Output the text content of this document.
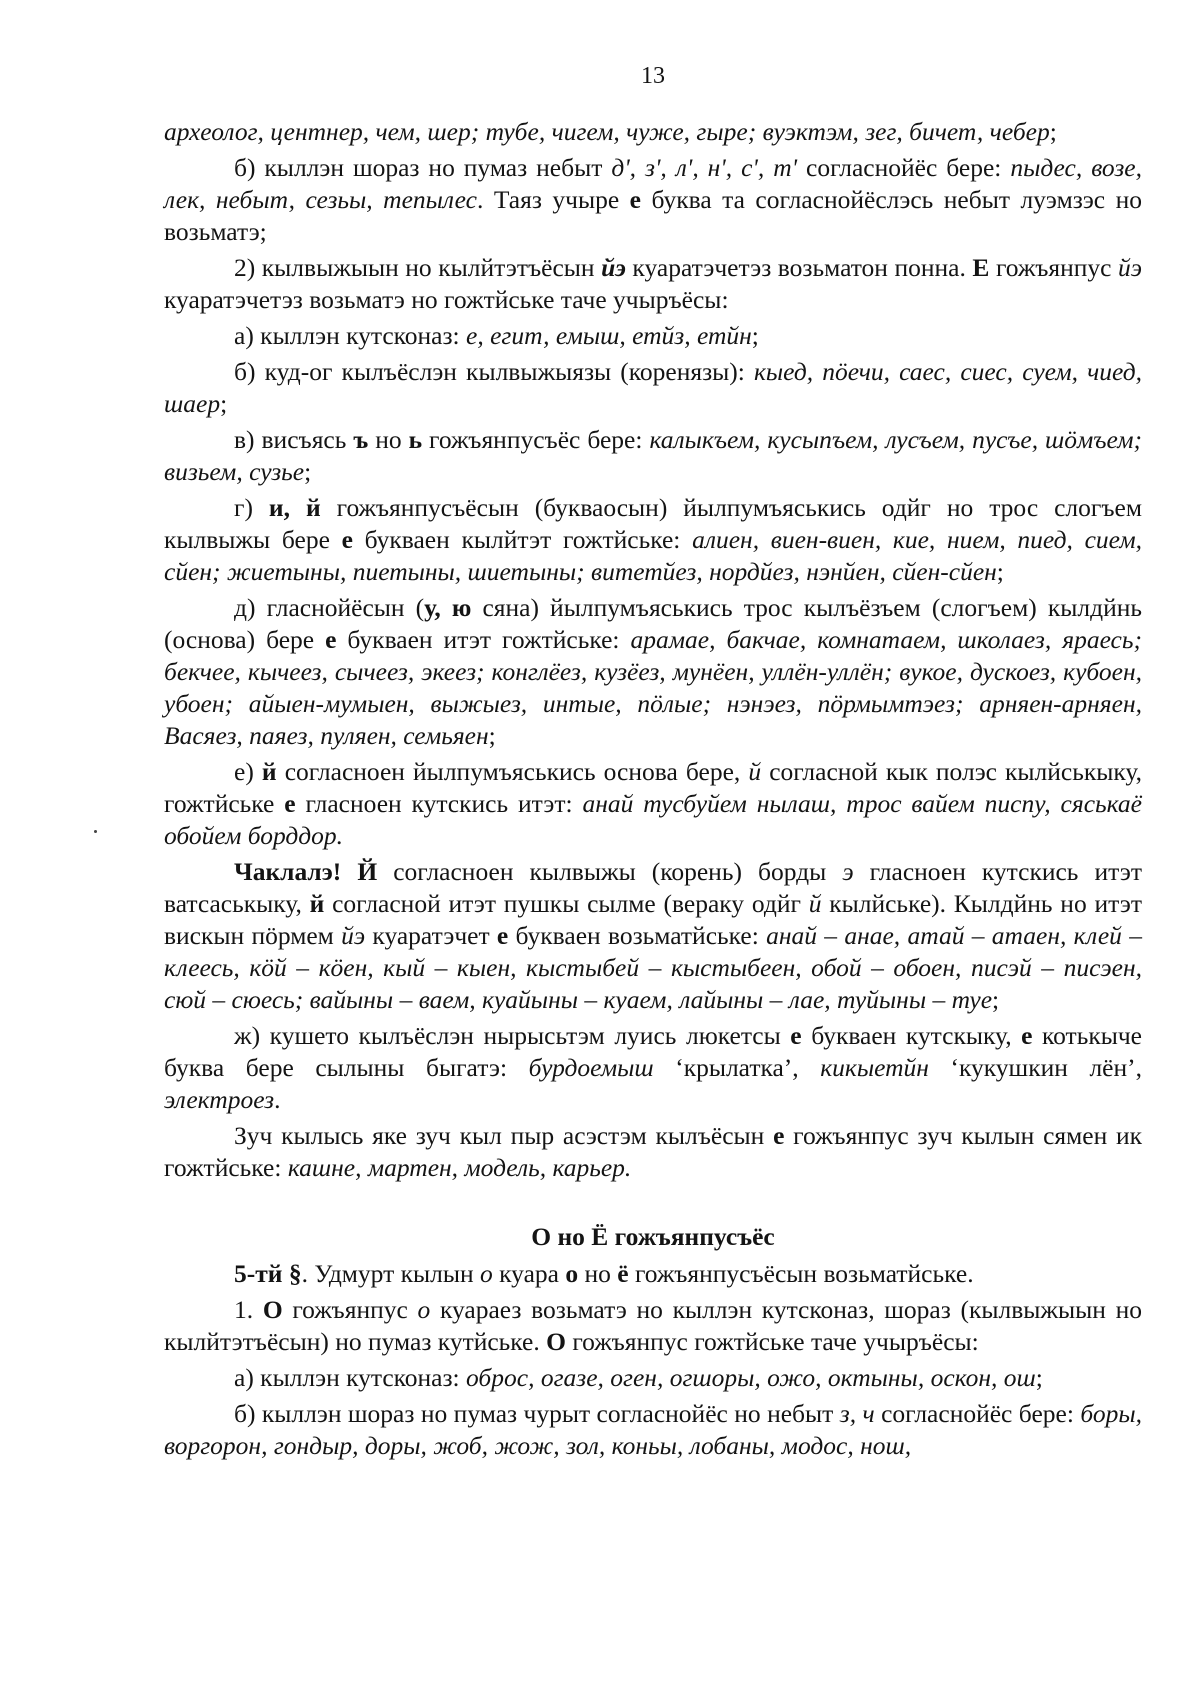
13

археолог, центнер, чем, шер; тубе, чигем, чуже, гыре; вуэктэм, зег, бичет, чебер;

б) кыллэн шораз но пумаз небыт д', з', л', н', с', т' согласнойёс бере: пыдес, возе, лек, небыт, сезьы, тепылес. Таяз учыре е буква та согласнойёслэсь небыт луэмзэс но возьматэ;

2) кылвыжыын но кылйтэтъёсын йэ куаратэчетэз возьматон понна. Е гожъянпус йэ куаратэчетэз возьматэ но гожтйське таче учыръёсы:

а) кыллэн кутсконаз: е, егит, емыш, етйз, етйн;

б) куд-ог кылъёслэн кылвыжыязы (коренязы): кыед, пöечи, саес, сиес, суем, чиед, шаер;

в) висъясь ъ но ь гожъянпусъёс бере: калыкъем, кусыпъем, лусъем, пусъе, шöмъем; визьем, сузье;

г) и, й гожъянпусъёсын (букваосын) йылпумъяськись одйг но трос слогъем кылвыжы бере е букваен кылйтэт гожтйське: алиен, виен-виен, кие, нием, пиед, сием, сйен; жиетыны, пиетыны, шиетыны; витетйез, нордйез, нэнйен, сйен-сйен;

д) гласнойёсын (у, ю сяна) йылпумъяськись трос кылъёзъем (слогъем) кылдйнь (основа) бере е букваен итэт гожтйське: арамае, бакчае, комнатаем, школаез, яраесь; бекчее, кычеез, сычеез, экеез; конглёез, кузёез, мунёен, уллён-уллён; вукое, дускоез, кубоен, убоен; айыен-мумыен, выжыез, интые, пöлые; нэнэез, пöрмымтэез; арняен-арняен, Васяез, паяез, пуляен, семьяен;

е) й согласноен йылпумъяськись основа бере, й согласной кык полэс кылйськыку, гожтйське е гласноен кутскись итэт: анай тусбуйем нылаш, трос вайем писпу, сяськаё обойем борддор.

Чаклалэ! Й согласноен кылвыжы (корень) борды э гласноен кутскись итэт ватсаськыку, й согласной итэт пушкы сылме (вераку одйг й кылйське). Кылдйнь но итэт вискын пöрмем йэ куаратэчет е букваен возьматйське: анай – анае, атай – атаен, клей – клеесь, кöй – кöен, кый – кыен, кыстыбей – кыстыбеен, обой – обоен, писэй – писэен, сюй – сюесь; вайыны – ваем, куайыны – куаем, лайыны – лае, туйыны – туе;

ж) кушето кылъёслэн нырысьтэм луись люкетсы е букваен кутскыку, е котькыче буква бере сылыны быгатэ: бурдоемыш ‘крылатка’, кикыетйн ‘кукушкин лён’, электроез.

Зуч кылысь яке зуч кыл пыр асэстэм кылъёсын е гожъянпус зуч кылын сямен ик гожтйське: кашне, мартен, модель, карьер.

О но Ё гожъянпусъёс

5-тй §. Удмурт кылын о куара о но ё гожъянпусъёсын возьматйське.

1. О гожъянпус о куараез возьматэ но кыллэн кутсконаз, шораз (кылвыжыын но кылйтэтъёсын) но пумаз кутйське. О гожъянпус гожтйське таче учыръёсы:

а) кыллэн кутсконаз: оброс, огазе, оген, огшоры, ожо, октыны, оскон, ош;

б) кыллэн шораз но пумаз чурыт согласнойёс но небыт з, ч согласнойёс бере: боры, воргорон, гондыр, доры, жоб, жож, зол, коньы, лобаны, модос, нош,
